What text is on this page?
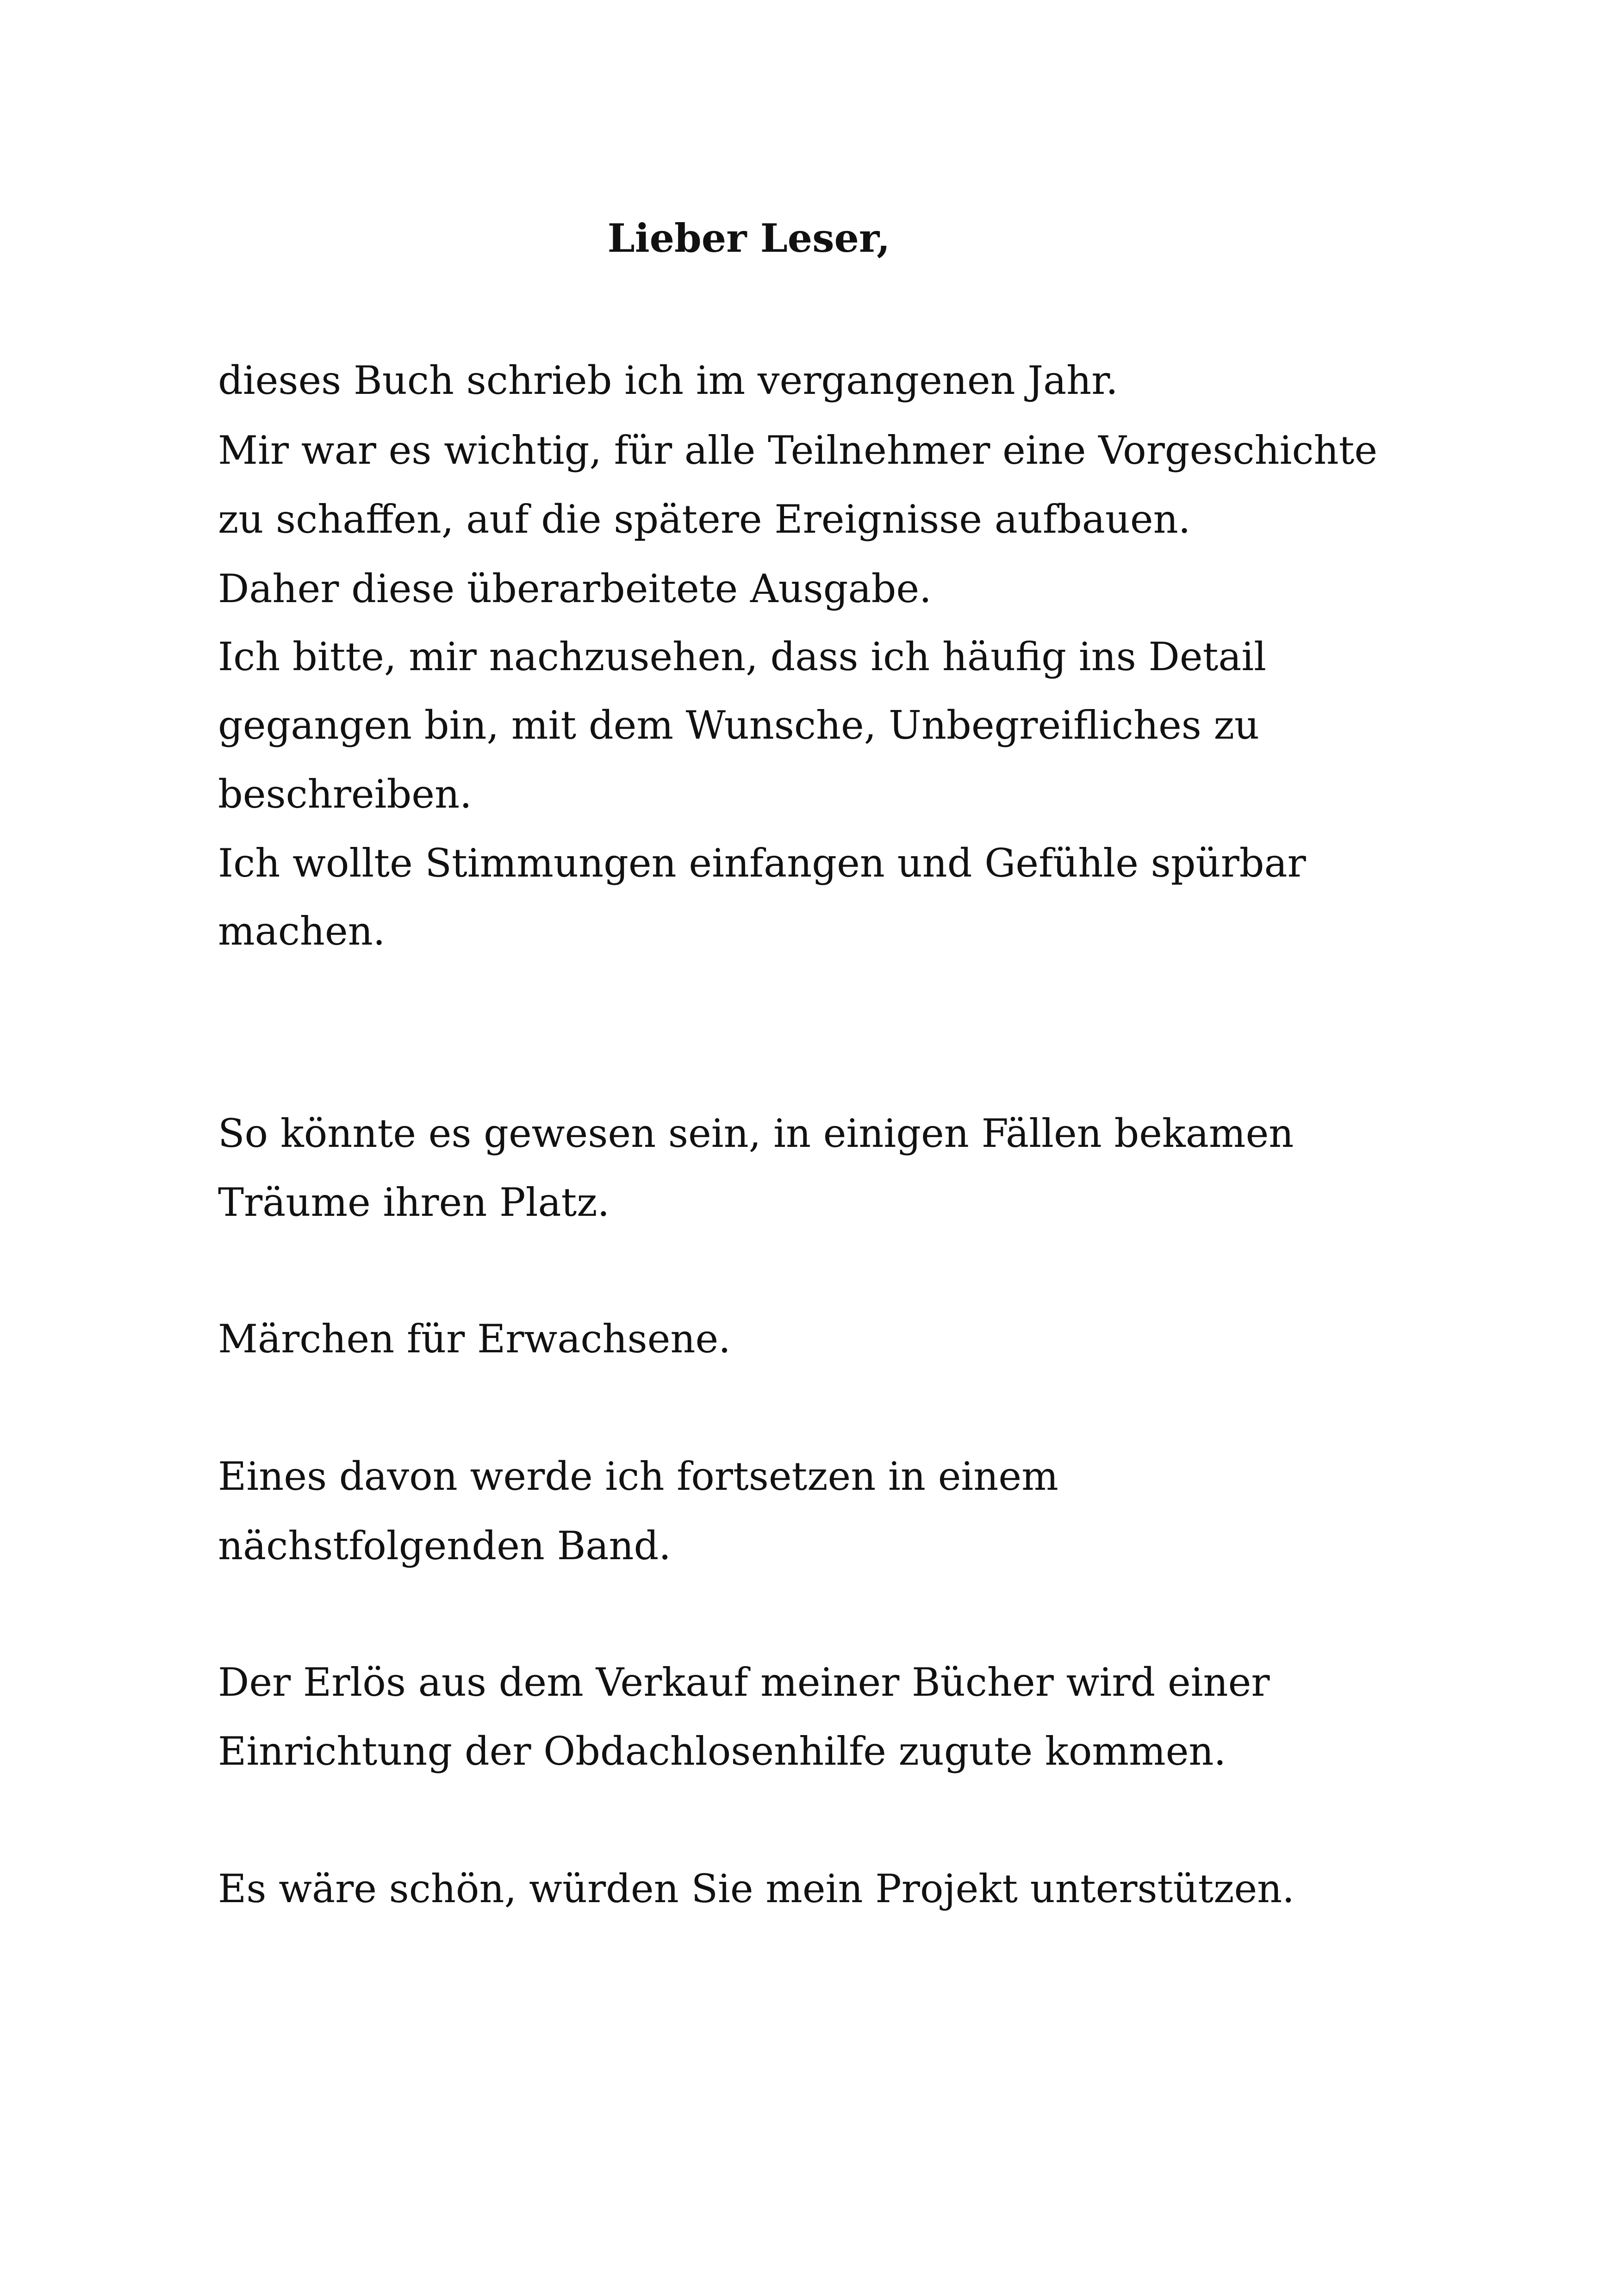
Lieber Leser,
dieses Buch schrieb ich im vergangenen Jahr.
Mir war es wichtig, für alle Teilnehmer eine Vorgeschichte
zu schaffen, auf die spätere Ereignisse aufbauen.
Daher diese überarbeitete Ausgabe.
Ich bitte, mir nachzusehen, dass ich häufig ins Detail
gegangen bin, mit dem Wunsche, Unbegreifliches zu
beschreiben.
Ich wollte Stimmungen einfangen und Gefühle spürbar
machen.
So könnte es gewesen sein, in einigen Fällen bekamen
Träume ihren Platz.
Märchen für Erwachsene.
Eines davon werde ich fortsetzen in einem
nächstfolgenden Band.
Der Erlös aus dem Verkauf meiner Bücher wird einer
Einrichtung der Obdachlosenhilfe zugute kommen.
Es wäre schön, würden Sie mein Projekt unterstützen.
